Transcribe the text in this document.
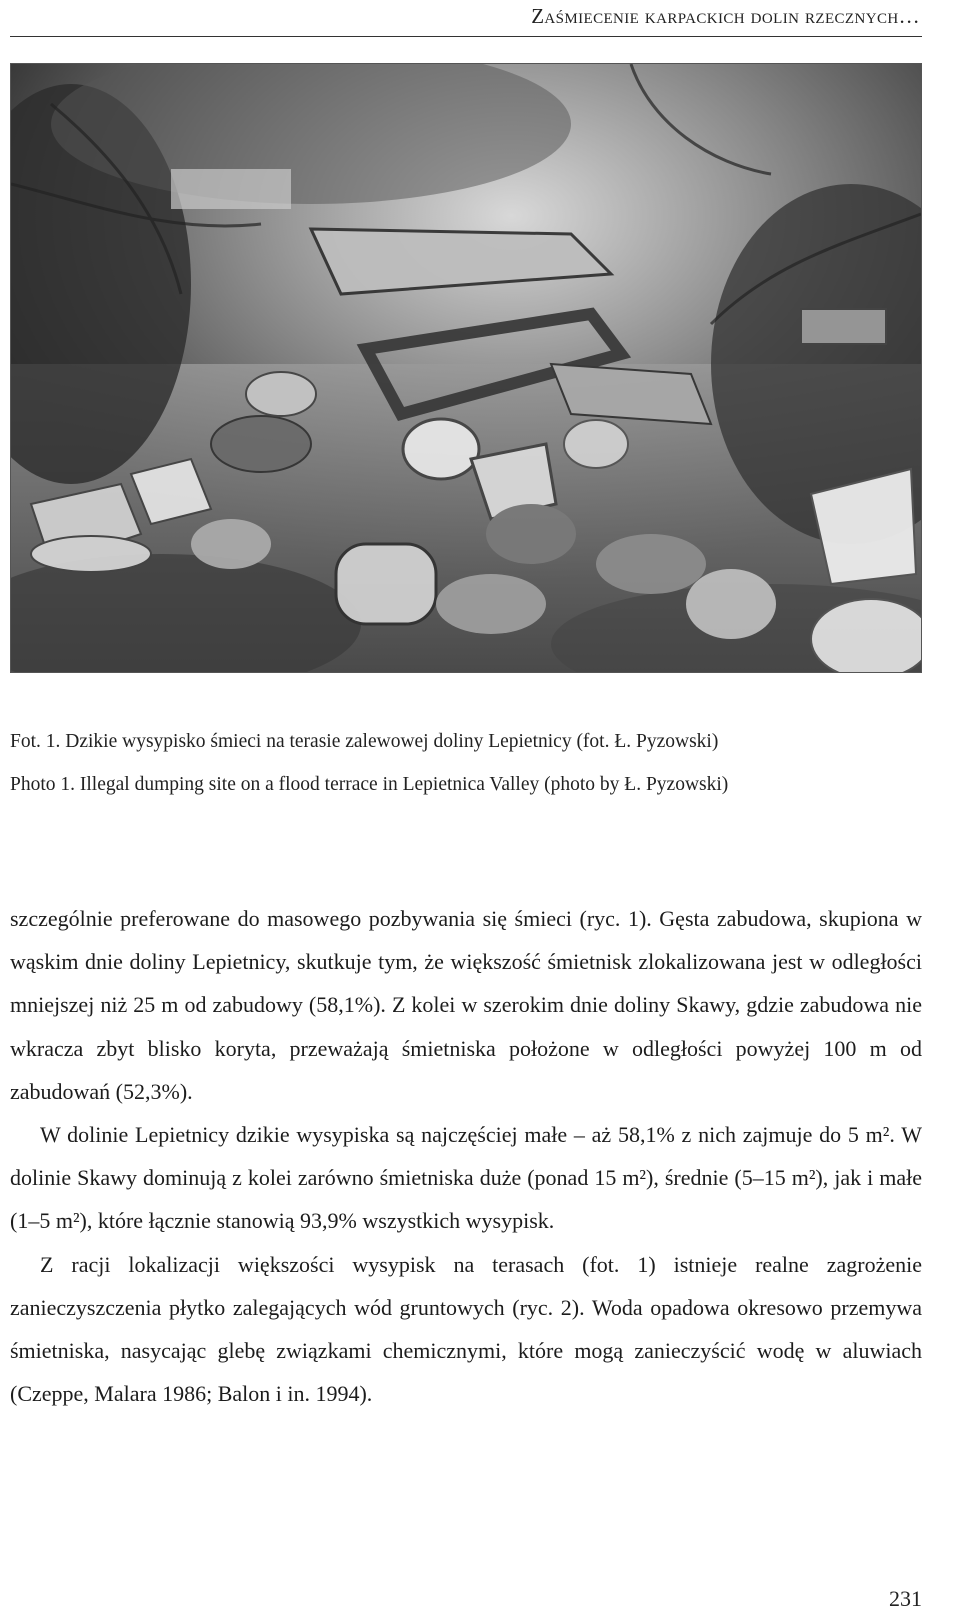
Zaśmiecenie karpackich dolin rzecznych…
Fot. 1. Dzikie wysypisko śmieci na terasie zalewowej doliny Lepietnicy (fot. Ł. Pyzowski)
Photo 1. Illegal dumping site on a flood terrace in Lepietnica Valley (photo by Ł. Pyzowski)

szczególnie preferowane do masowego pozbywania się śmieci (ryc. 1). Gęsta zabudowa, skupiona w wąskim dnie doliny Lepietnicy, skutkuje tym, że większość śmietnisk zlokalizowana jest w odległości mniejszej niż 25 m od zabudowy (58,1%). Z kolei w szerokim dnie doliny Skawy, gdzie zabudowa nie wkracza zbyt blisko koryta, przeważają śmietniska położone w odległości powyżej 100 m od zabudowań (52,3%).

W dolinie Lepietnicy dzikie wysypiska są najczęściej małe – aż 58,1% z nich zajmuje do 5 m². W dolinie Skawy dominują z kolei zarówno śmietniska duże (ponad 15 m²), średnie (5–15 m²), jak i małe (1–5 m²), które łącznie stanowią 93,9% wszystkich wysypisk.

Z racji lokalizacji większości wysypisk na terasach (fot. 1) istnieje realne zagrożenie zanieczyszczenia płytko zalegających wód gruntowych (ryc. 2). Woda opadowa okresowo przemywa śmietniska, nasycając glebę związkami chemicznymi, które mogą zanieczyścić wodę w aluwiach (Czeppe, Malara 1986; Balon i in. 1994).

231
